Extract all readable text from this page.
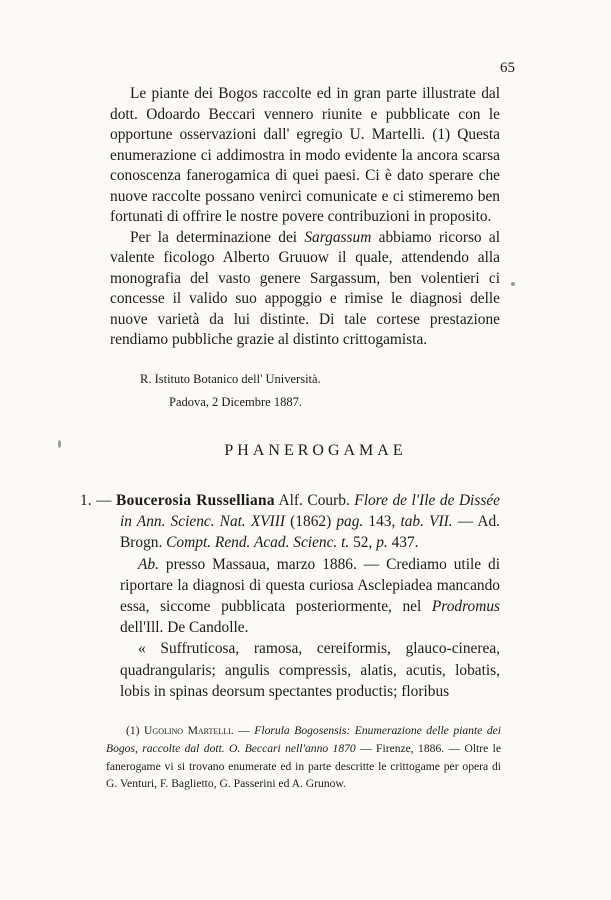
65

Le piante dei Bogos raccolte ed in gran parte illustrate dal dott. Odoardo Beccari vennero riunite e pubblicate con le opportune osservazioni dall' egregio U. Martelli. (1) Questa enumerazione ci addimostra in modo evidente la ancora scarsa conoscenza fanerogamica di quei paesi. Ci è dato sperare che nuove raccolte possano venirci comunicate e ci stimeremo ben fortunati di offrire le nostre povere contribuzioni in proposito.

Per la determinazione dei Sargassum abbiamo ricorso al valente ficologo Alberto Gruuow il quale, attendendo alla monografia del vasto genere Sargassum, ben volentieri ci concesse il valido suo appoggio e rimise le diagnosi delle nuove varietà da lui distinte. Di tale cortese prestazione rendiamo pubbliche grazie al distinto crittogamista.

R. Istituto Botanico dell' Università.
Padova, 2 Dicembre 1887.
PHANEROGAMAE

1. — Boucerosia Russelliana Alf. Courb. Flore de l'Ile de Dissée in Ann. Scienc. Nat. XVIII (1862) pag. 143, tab. VII. — Ad. Brogn. Compt. Rend. Acad. Scienc. t. 52, p. 437.

Ab. presso Massaua, marzo 1886. — Crediamo utile di riportare la diagnosi di questa curiosa Asclepiadea mancando essa, siccome pubblicata posteriormente, nel Prodromus dell'Ill. De Candolle.

« Suffruticosa, ramosa, cereiformis, glauco-cinerea, quadrangularis; angulis compressis, alatis, acutis, lobatis, lobis in spinas deorsum spectantes productis; floribus

(1) Ugolino Martelli. — Florula Bogosensis: Enumerazione delle piante dei Bogos, raccolte dal dott. O. Beccari nell'anno 1870 — Firenze, 1886. — Oltre le fanerogame vi si trovano enumerate ed in parte descritte le crittogame per opera di G. Venturi, F. Baglietto, G. Passerini ed A. Grunow.
